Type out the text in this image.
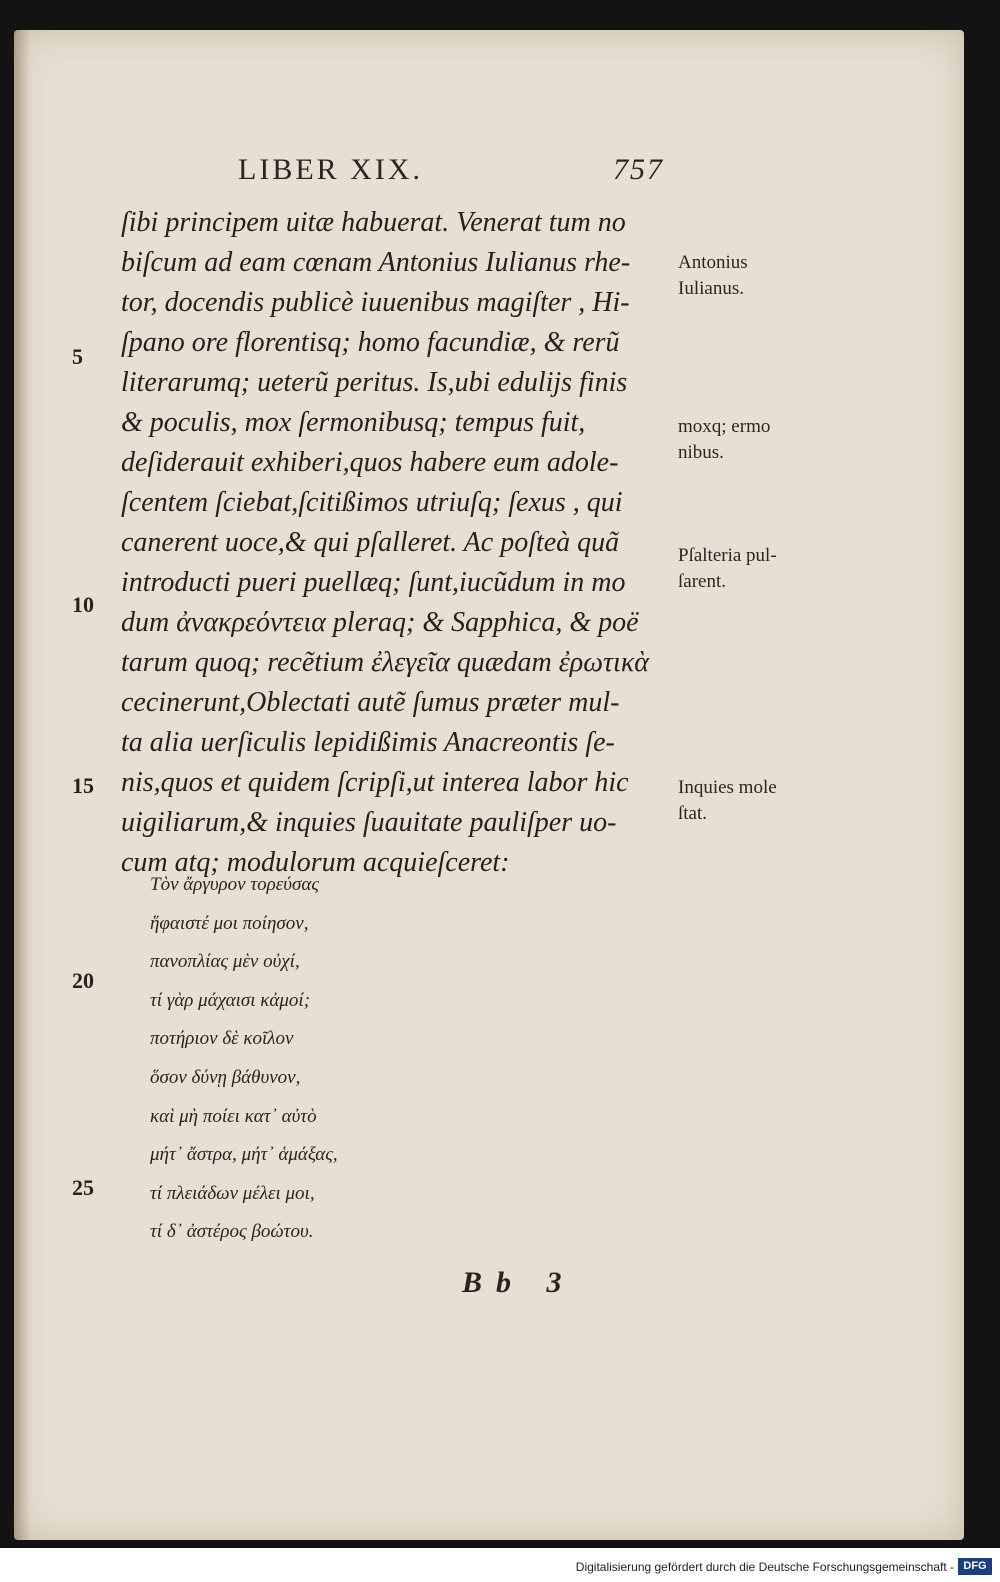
LIBER XIX.	757
ſibi principem uitæ habuerat. Venerat tum no
biſcum ad eam cœnam Antonius Iulianus rhe-
tor, docendis publicè iuuenibus magiſter , Hi-
ſpano ore florentisq; homo facundiæ, & rerũ
literarumq; ueterũ peritus. Is,ubi edulijs finis
& poculis, mox ſermonibusq; tempus fuit,
deſiderauit exhiberi,quos habere eum adole-
ſcentem ſciebat,ſcitißimos utriuſq; ſexus , qui
canerent uoce,& qui pſalleret. Ac poſteà quã
introducti pueri puellæq; ſunt,iucũdum in mo
dum ἀνακρεόντεια pleraq; & Sapphica, & poë
tarum quoq; recẽtium ἐλεγεῖα quædam ἐρωτικὰ
cecinerunt,Oblectati autẽ ſumus præter mul-
ta alia uerſiculis lepidißimis Anacreontis ſe-
nis,quos et quidem ſcripſi,ut interea labor hic
uigiliarum,& inquies ſuauitate pauliſper uo-
cum atq; modulorum acquieſceret:
Τὸν ἄργυρον τορεύσας
ἥφαιστέ μοι ποίησον,
πανοπλίας μὲν οὐχί,
τί γὰρ μάχαισι κἀμοί;
ποτήριον δὲ κοῖλον
ὅσον δύνῃ βάθυνον,
καὶ μὴ ποίει κατ᾽ αὐτὸ
μήτ᾽ ἄστρα, μήτ᾽ ἁμάξας,
τί πλειάδων μέλει μοι,
τί δ᾽ ἀστέρος βοώτου.
5
10
15
20
25
Antonius
Iulianus.
moxq; ermo
nibus.
Pſalteria pul-
ſarent.
Inquies mole
ſtat.
Bb 3
Digitalisierung gefördert durch die Deutsche Forschungsgemeinschaft - DFG
